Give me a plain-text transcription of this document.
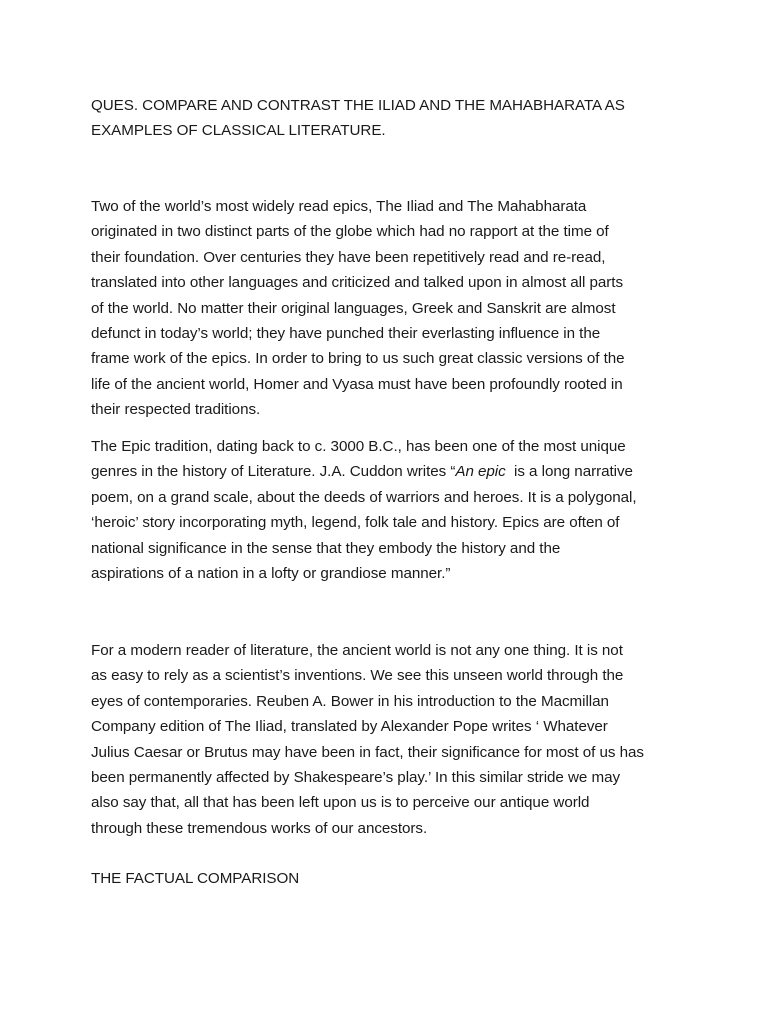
QUES. COMPARE AND CONTRAST THE ILIAD AND THE MAHABHARATA AS
EXAMPLES OF CLASSICAL LITERATURE.
Two of the world’s most widely read epics, The Iliad and The Mahabharata
originated in two distinct parts of the globe which had no rapport at the time of
their foundation. Over centuries they have been repetitively read and re-read,
translated into other languages and criticized and talked upon in almost all parts
of the world. No matter their original languages, Greek and Sanskrit are almost
defunct in today’s world; they have punched their everlasting influence in the
frame work of the epics. In order to bring to us such great classic versions of the
life of the ancient world, Homer and Vyasa must have been profoundly rooted in
their respected traditions.
The Epic tradition, dating back to c. 3000 B.C., has been one of the most unique
genres in the history of Literature. J.A. Cuddon writes “An epic  is a long narrative
poem, on a grand scale, about the deeds of warriors and heroes. It is a polygonal,
‘heroic’ story incorporating myth, legend, folk tale and history. Epics are often of
national significance in the sense that they embody the history and the
aspirations of a nation in a lofty or grandiose manner.”
For a modern reader of literature, the ancient world is not any one thing. It is not
as easy to rely as a scientist’s inventions. We see this unseen world through the
eyes of contemporaries. Reuben A. Bower in his introduction to the Macmillan
Company edition of The Iliad, translated by Alexander Pope writes ‘ Whatever
Julius Caesar or Brutus may have been in fact, their significance for most of us has
been permanently affected by Shakespeare’s play.’ In this similar stride we may
also say that, all that has been left upon us is to perceive our antique world
through these tremendous works of our ancestors.
THE FACTUAL COMPARISON
